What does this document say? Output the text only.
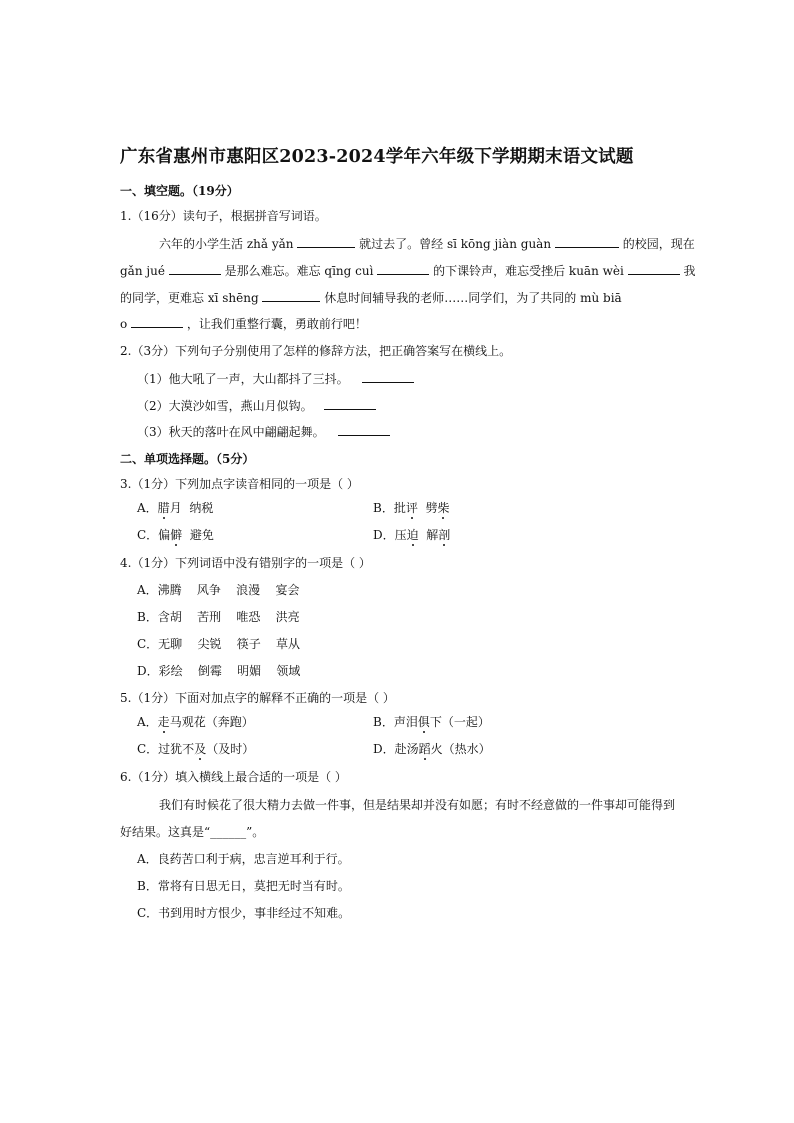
广东省惠州市惠阳区2023-2024学年六年级下学期期末语文试题
一、填空题。（19分）
1.（16分）读句子，根据拼音写词语。
六年的小学生活 zhǎ yǎn	就过去了。曾经 sī kōng jiàn guàn	的校园，现在
gǎn jué	是那么难忘。难忘 qīng cuì	的下课铃声，难忘受挫后 kuān wèi	我
的同学，更难忘 xī shēng	休息时间辅导我的老师……同学们，为了共同的 mù biā
o	，让我们重整行囊，勇敢前行吧！
2.（3分）下列句子分别使用了怎样的修辞方法，把正确答案写在横线上。
（1）他大吼了一声，大山都抖了三抖。
（2）大漠沙如雪，燕山月似钩。
（3）秋天的落叶在风中翩翩起舞。
二、单项选择题。（5分）
3.（1分）下列加点字读音相同的一项是（ ）
A．腊月  纳税	B．批评  劈柴
C．偏僻  避免	D．压迫  解剖
4.（1分）下列词语中没有错别字的一项是（ ）
A．沸腾    风争    浪漫    宴会
B．含胡    苦刑    唯恐    洪亮
C．无聊    尖锐    筷子    草从
D．彩绘    倒霉    明媚    领域
5.（1分）下面对加点字的解释不正确的一项是（ ）
A．走马观花（奔跑）	B．声泪俱下（一起）
C．过犹不及（及时）	D．赴汤蹈火（热水）
6.（1分）填入横线上最合适的一项是（ ）
我们有时候花了很大精力去做一件事，但是结果却并没有如愿；有时不经意做的一件事却可能得到
好结果。这真是“______”。
A．良药苦口利于病，忠言逆耳利于行。
B．常将有日思无日，莫把无时当有时。
C．书到用时方恨少，事非经过不知难。
